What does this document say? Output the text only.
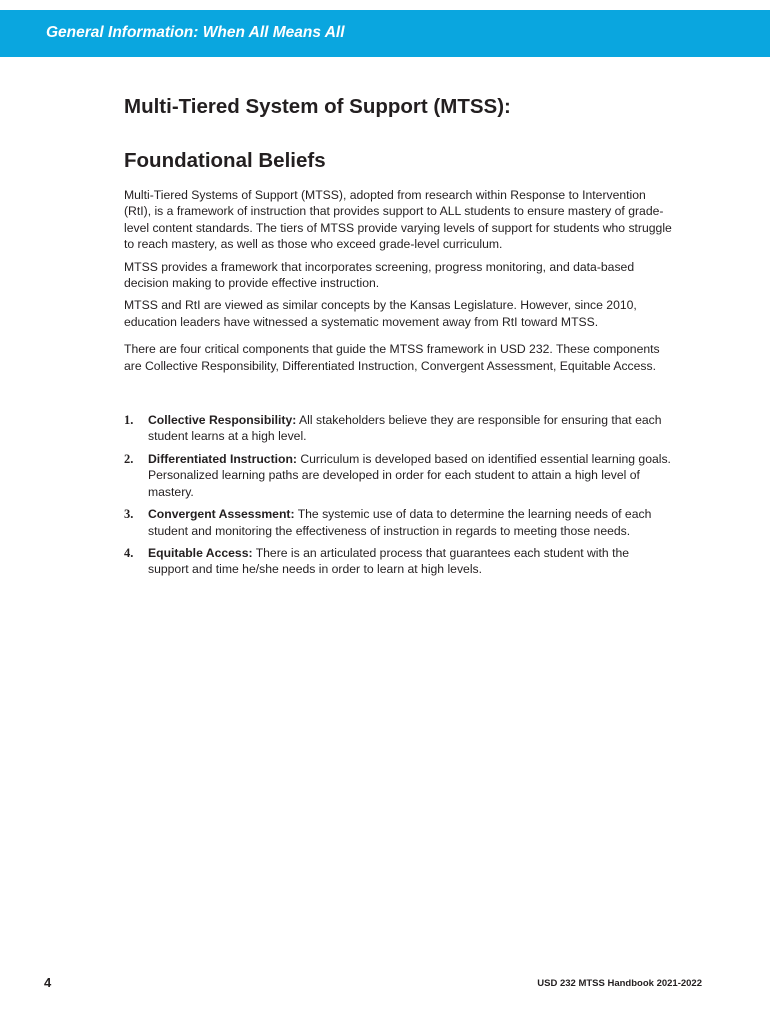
General Information: When All Means All
Multi-Tiered System of Support (MTSS):
Foundational Beliefs

Multi-Tiered Systems of Support (MTSS), adopted from research within Response to Intervention (RtI), is a framework of instruction that provides support to ALL students to ensure mastery of grade-level content standards. The tiers of MTSS provide varying levels of support for students who struggle to reach mastery, as well as those who exceed grade-level curriculum.

MTSS provides a framework that incorporates screening, progress monitoring, and data-based decision making to provide effective instruction.

MTSS and RtI are viewed as similar concepts by the Kansas Legislature. However, since 2010, education leaders have witnessed a systematic movement away from RtI toward MTSS.

There are four critical components that guide the MTSS framework in USD 232. These components are Collective Responsibility, Differentiated Instruction, Convergent Assessment, Equitable Access.

1. Collective Responsibility: All stakeholders believe they are responsible for ensuring that each student learns at a high level.
2. Differentiated Instruction: Curriculum is developed based on identified essential learning goals. Personalized learning paths are developed in order for each student to attain a high level of mastery.
3. Convergent Assessment: The systemic use of data to determine the learning needs of each student and monitoring the effectiveness of instruction in regards to meeting those needs.
4. Equitable Access: There is an articulated process that guarantees each student with the support and time he/she needs in order to learn at high levels.
4	USD 232 MTSS Handbook 2021-2022
